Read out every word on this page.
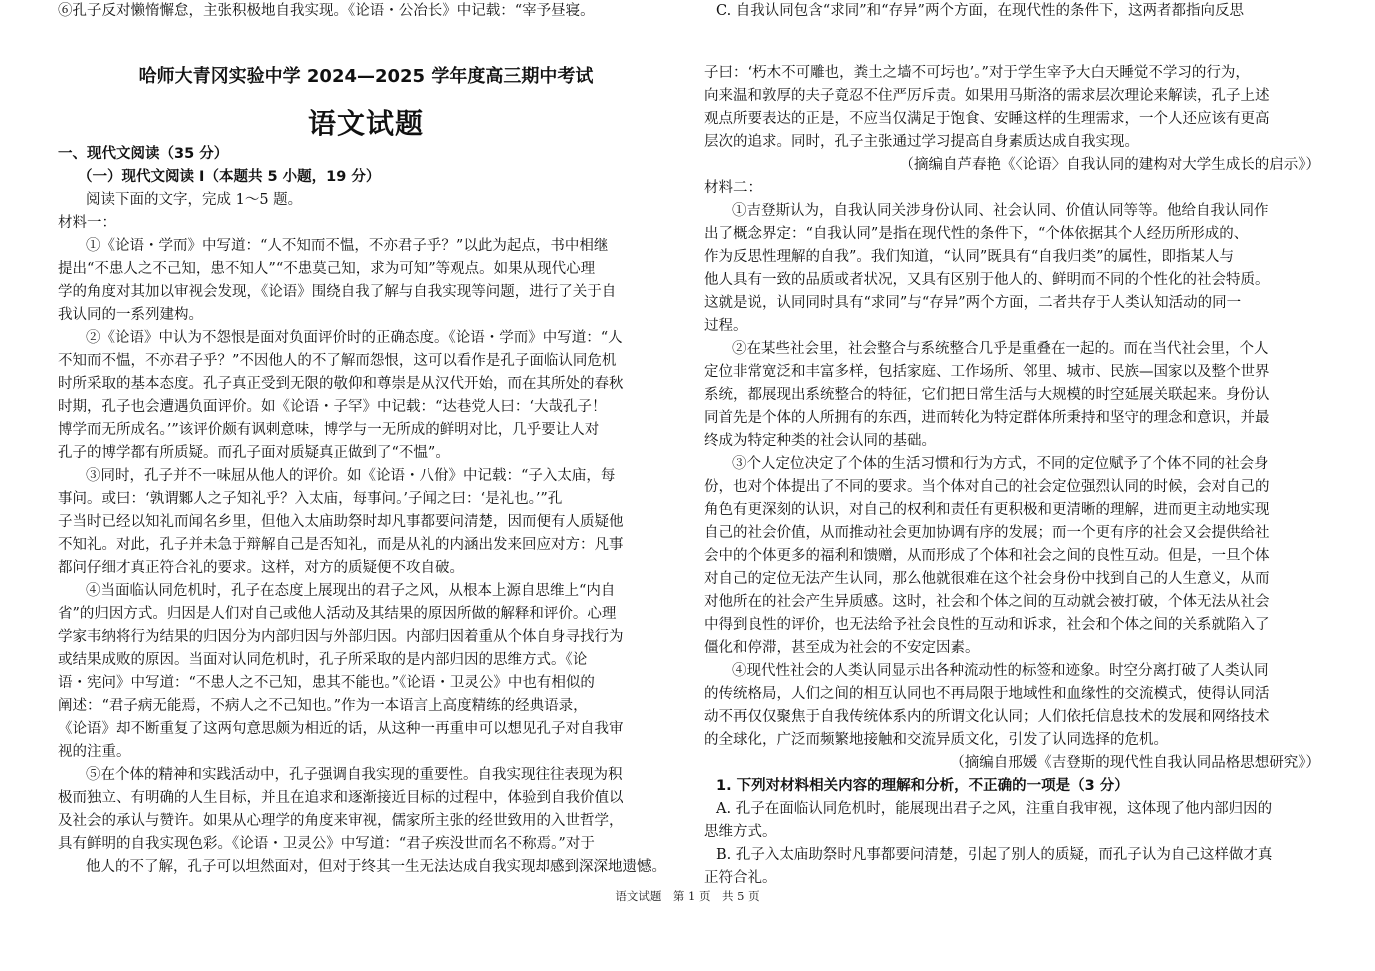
哈师大青冈实验中学 2024—2025 学年度高三期中考试
语文试题
一、现代文阅读（35 分）
（一）现代文阅读 I（本题共 5 小题，19 分）
阅读下面的文字，完成 1～5 题。
材料一：
①《论语・学而》中写道：“人不知而不愠，不亦君子乎？”以此为起点，书中相继
提出“不患人之不己知，患不知人”“不患莫己知，求为可知”等观点。如果从现代心理
学的角度对其加以审视会发现，《论语》围绕自我了解与自我实现等问题，进行了关于自
我认同的一系列建构。
②《论语》中认为不怨恨是面对负面评价时的正确态度。《论语・学而》中写道：“人
不知而不愠，不亦君子乎？”不因他人的不了解而怨恨，这可以看作是孔子面临认同危机
时所采取的基本态度。孔子真正受到无限的敬仰和尊崇是从汉代开始，而在其所处的春秋
时期，孔子也会遭遇负面评价。如《论语・子罕》中记载：“达巷党人曰：‘大哉孔子！
博学而无所成名。’”该评价颇有讽刺意味，博学与一无所成的鲜明对比，几乎要让人对
孔子的博学都有所质疑。而孔子面对质疑真正做到了“不愠”。
③同时，孔子并不一味屈从他人的评价。如《论语・八佾》中记载：“子入太庙，每
事问。或曰：‘孰谓鄹人之子知礼乎？入太庙，每事问。’子闻之曰：‘是礼也。’”孔
子当时已经以知礼而闻名乡里，但他入太庙助祭时却凡事都要问清楚，因而便有人质疑他
不知礼。对此，孔子并未急于辩解自己是否知礼，而是从礼的内涵出发来回应对方：凡事
都问仔细才真正符合礼的要求。这样，对方的质疑便不攻自破。
④当面临认同危机时，孔子在态度上展现出的君子之风，从根本上源自思维上“内自
省”的归因方式。归因是人们对自己或他人活动及其结果的原因所做的解释和评价。心理
学家韦纳将行为结果的归因分为内部归因与外部归因。内部归因着重从个体自身寻找行为
或结果成败的原因。当面对认同危机时，孔子所采取的是内部归因的思维方式。《论
语・宪问》中写道：“不患人之不己知，患其不能也。”《论语・卫灵公》中也有相似的
阐述：“君子病无能焉，不病人之不己知也。”作为一本语言上高度精练的经典语录，
《论语》却不断重复了这两句意思颇为相近的话，从这种一再重申可以想见孔子对自我审
视的注重。
⑤在个体的精神和实践活动中，孔子强调自我实现的重要性。自我实现往往表现为积
极而独立、有明确的人生目标，并且在追求和逐渐接近目标的过程中，体验到自我价值以
及社会的承认与赞许。如果从心理学的角度来审视，儒家所主张的经世致用的入世哲学，
具有鲜明的自我实现色彩。《论语・卫灵公》中写道：“君子疾没世而名不称焉。”对于
他人的不了解，孔子可以坦然面对，但对于终其一生无法达成自我实现却感到深深地遗憾。
⑥孔子反对懒惰懈怠，主张积极地自我实现。《论语・公冶长》中记载：“宰予昼寝。
子曰：‘朽木不可雕也，粪土之墙不可圬也’。”对于学生宰予大白天睡觉不学习的行为，
向来温和敦厚的夫子竟忍不住严厉斥责。如果用马斯洛的需求层次理论来解读，孔子上述
观点所要表达的正是，不应当仅满足于饱食、安睡这样的生理需求，一个人还应该有更高
层次的追求。同时，孔子主张通过学习提高自身素质达成自我实现。
（摘编自芦春艳《〈论语〉自我认同的建构对大学生成长的启示》）
材料二：
①吉登斯认为，自我认同关涉身份认同、社会认同、价值认同等等。他给自我认同作
出了概念界定：“自我认同”是指在现代性的条件下，“个体依据其个人经历所形成的、
作为反思性理解的自我”。我们知道，“认同”既具有“自我归类”的属性，即指某人与
他人具有一致的品质或者状况，又具有区别于他人的、鲜明而不同的个性化的社会特质。
这就是说，认同同时具有“求同”与“存异”两个方面，二者共存于人类认知活动的同一
过程。
②在某些社会里，社会整合与系统整合几乎是重叠在一起的。而在当代社会里，个人
定位非常宽泛和丰富多样，包括家庭、工作场所、邻里、城市、民族—国家以及整个世界
系统，都展现出系统整合的特征，它们把日常生活与大规模的时空延展关联起来。身份认
同首先是个体的人所拥有的东西，进而转化为特定群体所秉持和坚守的理念和意识，并最
终成为特定种类的社会认同的基础。
③个人定位决定了个体的生活习惯和行为方式，不同的定位赋予了个体不同的社会身
份，也对个体提出了不同的要求。当个体对自己的社会定位强烈认同的时候，会对自己的
角色有更深刻的认识，对自己的权利和责任有更积极和更清晰的理解，进而更主动地实现
自己的社会价值，从而推动社会更加协调有序的发展；而一个更有序的社会又会提供给社
会中的个体更多的福利和馈赠，从而形成了个体和社会之间的良性互动。但是，一旦个体
对自己的定位无法产生认同，那么他就很难在这个社会身份中找到自己的人生意义，从而
对他所在的社会产生异质感。这时，社会和个体之间的互动就会被打破，个体无法从社会
中得到良性的评价，也无法给予社会良性的互动和诉求，社会和个体之间的关系就陷入了
僵化和停滞，甚至成为社会的不安定因素。
④现代性社会的人类认同显示出各种流动性的标签和迹象。时空分离打破了人类认同
的传统格局，人们之间的相互认同也不再局限于地域性和血缘性的交流模式，使得认同活
动不再仅仅聚焦于自我传统体系内的所谓文化认同；人们依托信息技术的发展和网络技术
的全球化，广泛而频繁地接触和交流异质文化，引发了认同选择的危机。
（摘编自邢媛《吉登斯的现代性自我认同品格思想研究》）
1. 下列对材料相关内容的理解和分析，不正确的一项是（3 分）
A. 孔子在面临认同危机时，能展现出君子之风，注重自我审视，这体现了他内部归因的
思维方式。
B. 孔子入太庙助祭时凡事都要问清楚，引起了别人的质疑，而孔子认为自己这样做才真
正符合礼。
C. 自我认同包含“求同”和“存异”两个方面，在现代性的条件下，这两者都指向反思
语文试题　第 1 页　共 5 页
